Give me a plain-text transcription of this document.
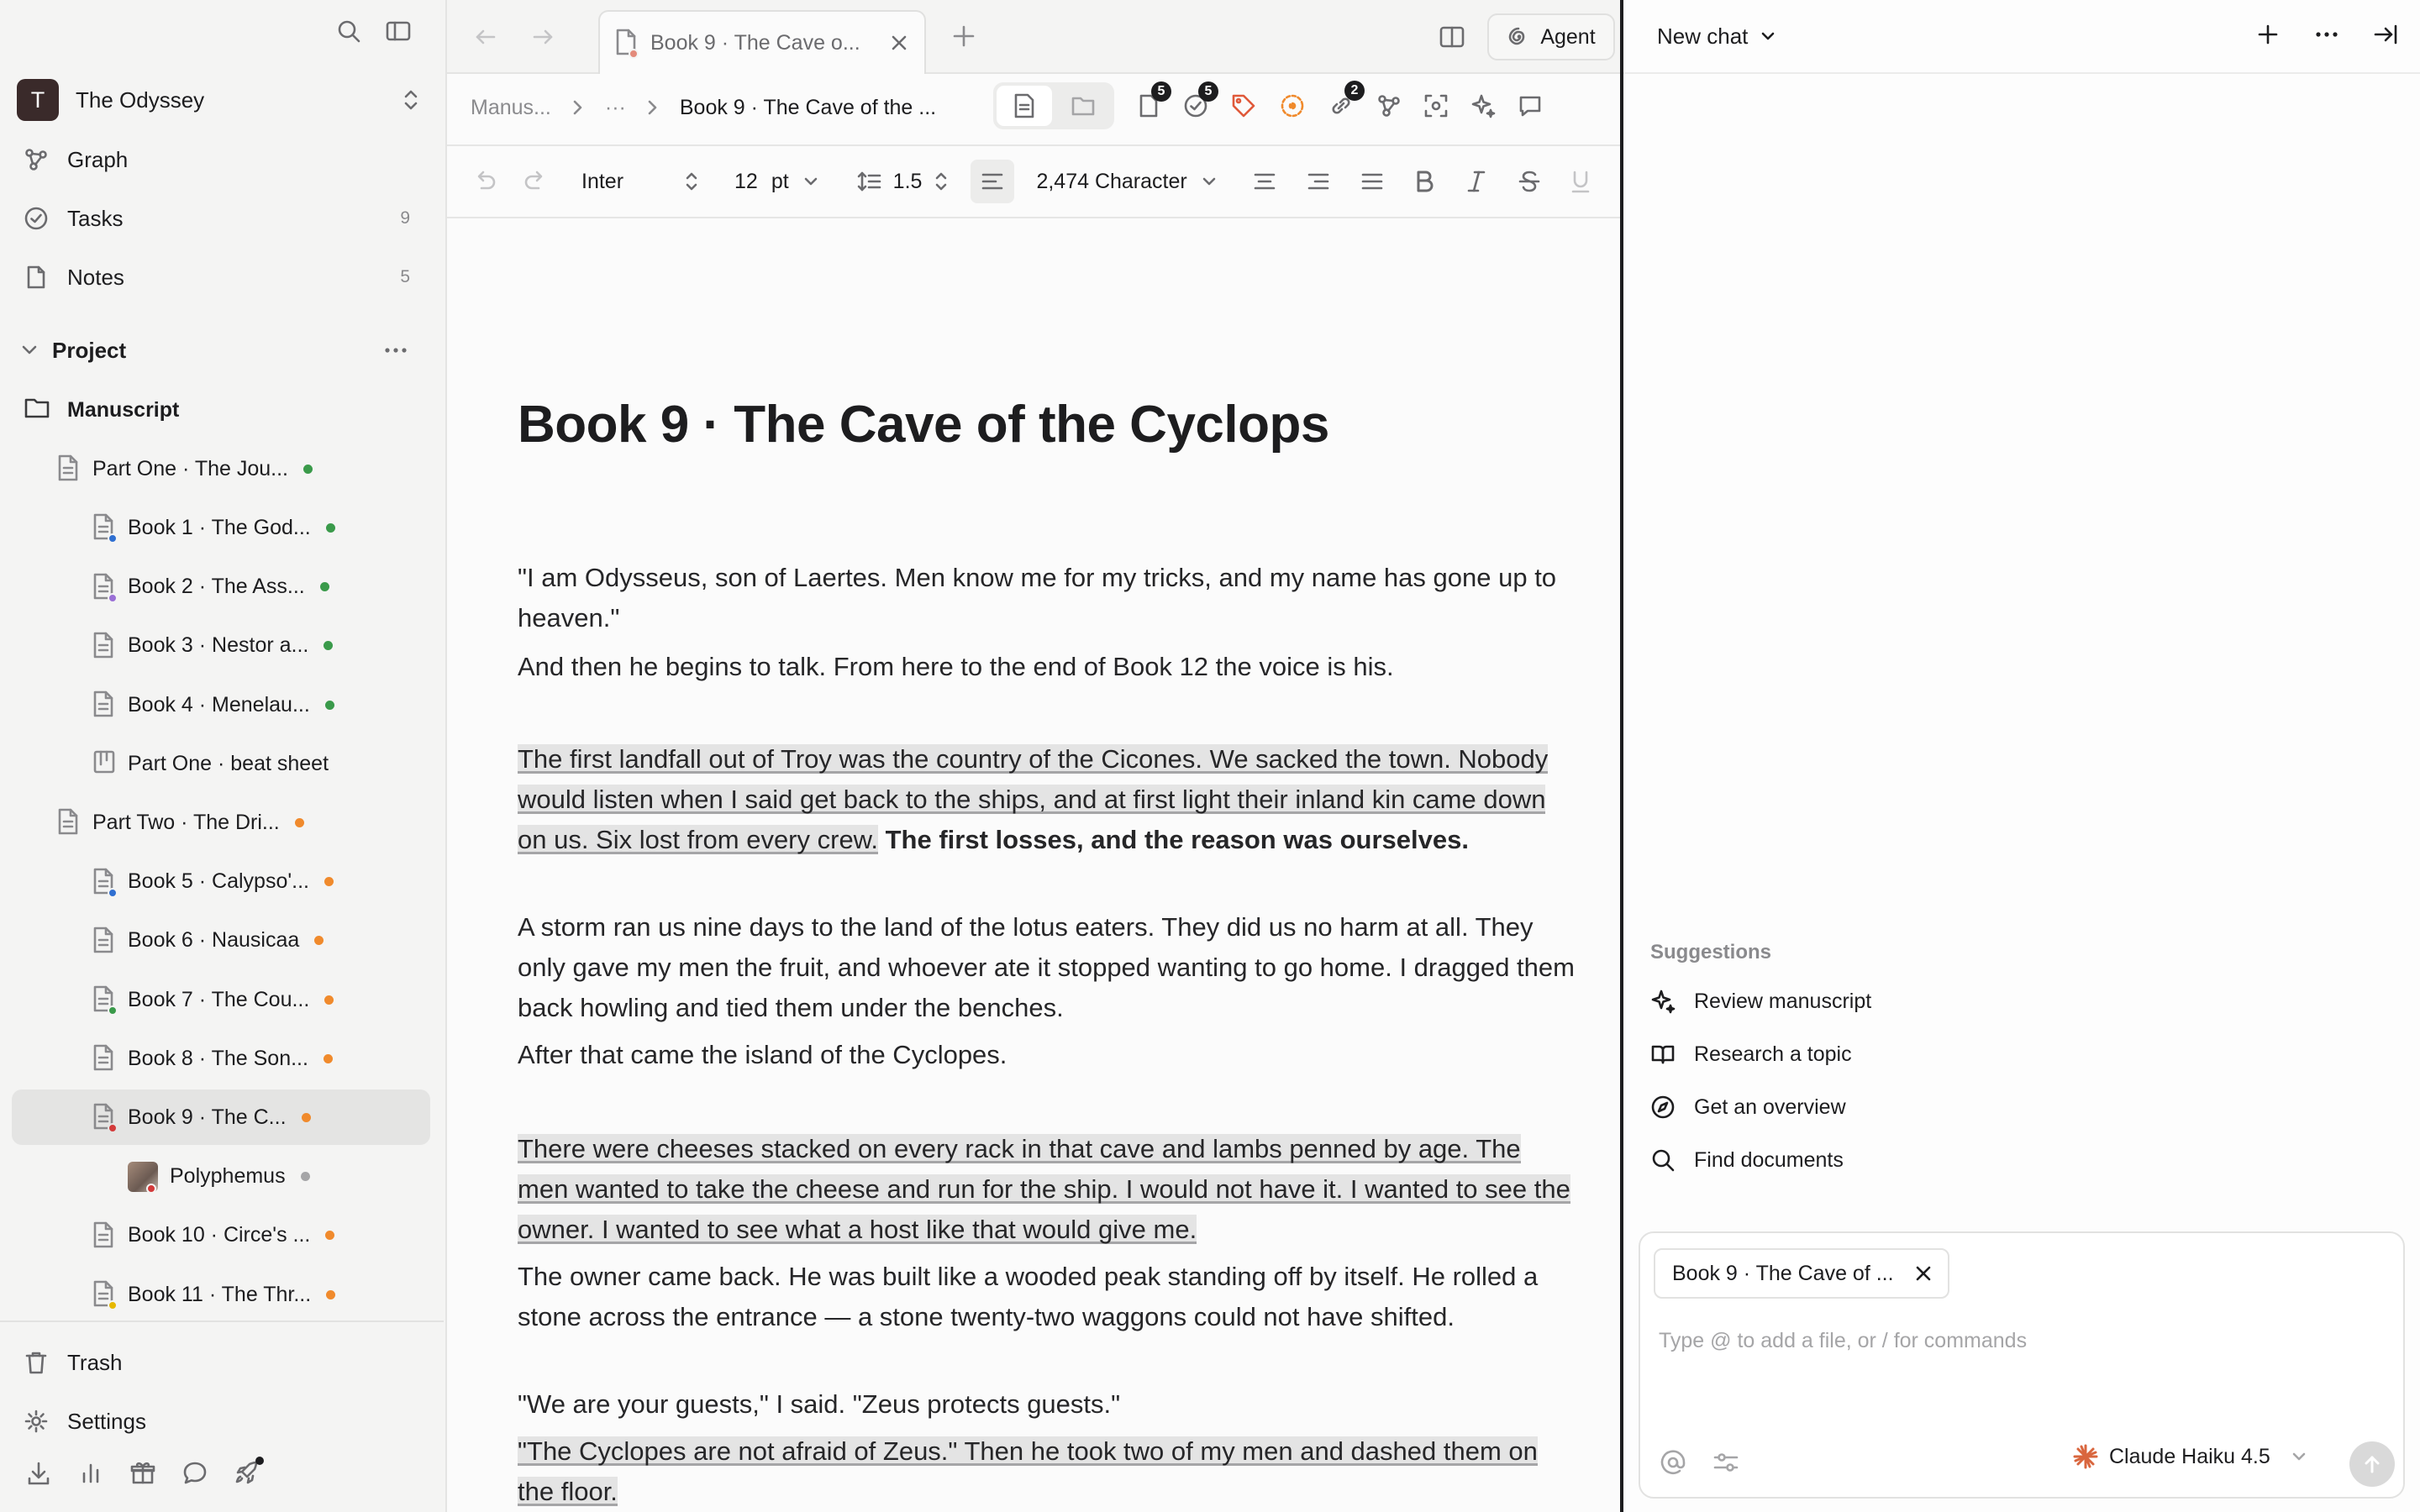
T	The Odyssey
Graph
Tasks	9
Notes	5
Project
Manuscript
Part One · The Jou...
Book 1 · The God...
Book 2 · The Ass...
Book 3 · Nestor a...
Book 4 · Menelau...
Part One · beat sheet
Part Two · The Dri...
Book 5 · Calypso'...
Book 6 · Nausicaa
Book 7 · The Cou...
Book 8 · The Son...
Book 9 · The C...
Polyphemus
Book 10 · Circe's ...
Book 11 · The Thr...
Trash
Settings
Book 9 · The Cave o...	Agent
Manus...	···	Book 9 · The Cave of the ...
5	5	2
Inter	12 pt	1.5	2,474 Character
Book 9 · The Cave of the Cyclops

"I am Odysseus, son of Laertes. Men know me for my tricks, and my name has gone up to heaven."

And then he begins to talk. From here to the end of Book 12 the voice is his.

The first landfall out of Troy was the country of the Cicones. We sacked the town. Nobody would listen when I said get back to the ships, and at first light their inland kin came down on us. Six lost from every crew. The first losses, and the reason was ourselves.

A storm ran us nine days to the land of the lotus eaters. They did us no harm at all. They only gave my men the fruit, and whoever ate it stopped wanting to go home. I dragged them back howling and tied them under the benches.

After that came the island of the Cyclopes.

There were cheeses stacked on every rack in that cave and lambs penned by age. The men wanted to take the cheese and run for the ship. I would not have it. I wanted to see the owner. I wanted to see what a host like that would give me.

The owner came back. He was built like a wooded peak standing off by itself. He rolled a stone across the entrance — a stone twenty-two waggons could not have shifted.

"We are your guests," I said. "Zeus protects guests."

"The Cyclopes are not afraid of Zeus." Then he took two of my men and dashed them on the floor.

New chat
Suggestions
Review manuscript
Research a topic
Get an overview
Find documents
Book 9 · The Cave of ...
Type @ to add a file, or / for commands
Claude Haiku 4.5
